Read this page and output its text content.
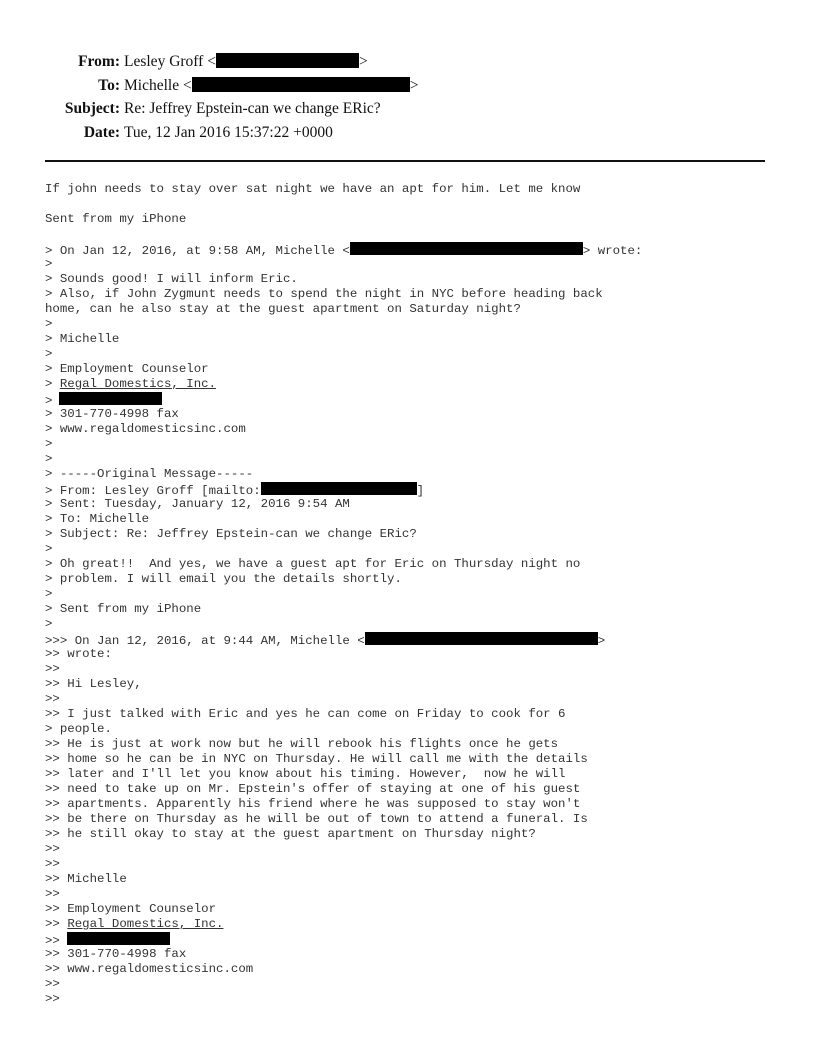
From: Lesley Groff <	>
To: Michelle <	>
Subject: Re: Jeffrey Epstein-can we change ERic?
Date: Tue, 12 Jan 2016 15:37:22 +0000
If john needs to stay over sat night we have an apt for him. Let me know
Sent from my iPhone
> On Jan 12, 2016, at 9:58 AM, Michelle <	> wrote:
>
> Sounds good! I will inform Eric.
> Also, if John Zygmunt needs to spend the night in NYC before heading back
home, can he also stay at the guest apartment on Saturday night?
>
> Michelle
>
> Employment Counselor
> Regal Domestics, Inc.
>
> 301-770-4998 fax
> www.regaldomesticsinc.com
>
>
> -----Original Message-----
> From: Lesley Groff [mailto:	]
> Sent: Tuesday, January 12, 2016 9:54 AM
> To: Michelle
> Subject: Re: Jeffrey Epstein-can we change ERic?
>
> Oh great!!  And yes, we have a guest apt for Eric on Thursday night no
> problem. I will email you the details shortly.
>
> Sent from my iPhone
>
>>> On Jan 12, 2016, at 9:44 AM, Michelle <	>
>> wrote:
>>
>> Hi Lesley,
>>
>> I just talked with Eric and yes he can come on Friday to cook for 6
> people.
>> He is just at work now but he will rebook his flights once he gets
>> home so he can be in NYC on Thursday. He will call me with the details
>> later and I'll let you know about his timing. However,  now he will
>> need to take up on Mr. Epstein's offer of staying at one of his guest
>> apartments. Apparently his friend where he was supposed to stay won't
>> be there on Thursday as he will be out of town to attend a funeral. Is
>> he still okay to stay at the guest apartment on Thursday night?
>>
>>
>> Michelle
>>
>> Employment Counselor
>> Regal Domestics, Inc.
>>
>> 301-770-4998 fax
>> www.regaldomesticsinc.com
>>
>>
